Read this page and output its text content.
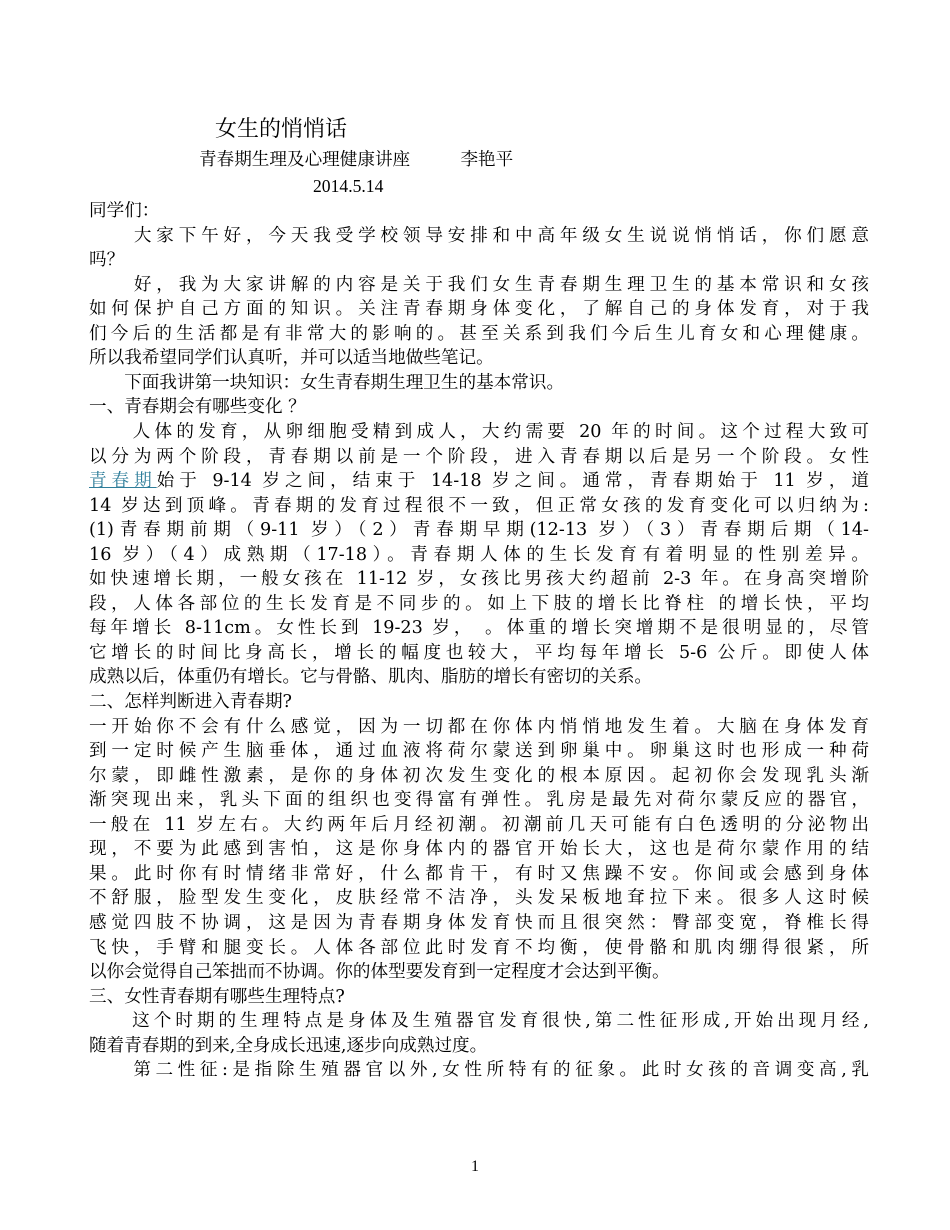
女生的悄悄话
青春期生理及心理健康讲座         李艳平
2014.5.14
同学们：
　　大家下午好，今天我受学校领导安排和中高年级女生说说悄悄话，你们愿意
吗？
　　好，我为大家讲解的内容是关于我们女生青春期生理卫生的基本常识和女孩
如何保护自己方面的知识。关注青春期身体变化，了解自己的身体发育，对于我
们今后的生活都是有非常大的影响的。甚至关系到我们今后生儿育女和心理健康。
所以我希望同学们认真听，并可以适当地做些笔记。
　　下面我讲第一块知识：女生青春期生理卫生的基本常识。
一、青春期会有哪些变化 ？
　　人体的发育，从卵细胞受精到成人，大约需要 20 年的时间。这个过程大致可
以分为两个阶段，青春期以前是一个阶段，进入青春期以后是另一个阶段。女性
青春期始于 9-14 岁之间，结束于 14-18 岁之间。通常，青春期始于 11 岁，道
14 岁达到顶峰。青春期的发育过程很不一致，但正常女孩的发育变化可以归纳为:
(1)青春期前期（9-11 岁）（2）青春期早期(12-13 岁）（3）青春期后期（14-
16 岁）（4）成熟期（17-18）。青春期人体的生长发育有着明显的性别差异。
如快速增长期，一般女孩在 11-12 岁，女孩比男孩大约超前 2-3 年。在身高突增阶
段，人体各部位的生长发育是不同步的。如上下肢的增长比脊柱 的增长快，平均
每年增长 8-11cm。女性长到 19-23 岁， 。体重的增长突增期不是很明显的，尽管
它增长的时间比身高长，增长的幅度也较大，平均每年增长 5-6 公斤。即使人体
成熟以后，体重仍有增长。它与骨骼、肌肉、脂肪的增长有密切的关系。
二、怎样判断进入青春期?
一开始你不会有什么感觉，因为一切都在你体内悄悄地发生着。大脑在身体发育
到一定时候产生脑垂体，通过血液将荷尔蒙送到卵巢中。卵巢这时也形成一种荷
尔蒙，即雌性激素，是你的身体初次发生变化的根本原因。起初你会发现乳头渐
渐突现出来，乳头下面的组织也变得富有弹性。乳房是最先对荷尔蒙反应的器官，
一般在 11 岁左右。大约两年后月经初潮。初潮前几天可能有白色透明的分泌物出
现，不要为此感到害怕，这是你身体内的器官开始长大，这也是荷尔蒙作用的结
果。此时你有时情绪非常好，什么都肯干，有时又焦躁不安。你间或会感到身体
不舒服，脸型发生变化，皮肤经常不洁净，头发呆板地耷拉下来。很多人这时候
感觉四肢不协调，这是因为青春期身体发育快而且很突然：臀部变宽，脊椎长得
飞快，手臂和腿变长。人体各部位此时发育不均衡，使骨骼和肌肉绷得很紧，所
以你会觉得自己笨拙而不协调。你的体型要发育到一定程度才会达到平衡。
三、女性青春期有哪些生理特点?
　　这个时期的生理特点是身体及生殖器官发育很快,第二性征形成,开始出现月经,
随着青春期的到来,全身成长迅速,逐步向成熟过度。
　　第二性征:是指除生殖器官以外,女性所特有的征象。此时女孩的音调变高,乳
1
